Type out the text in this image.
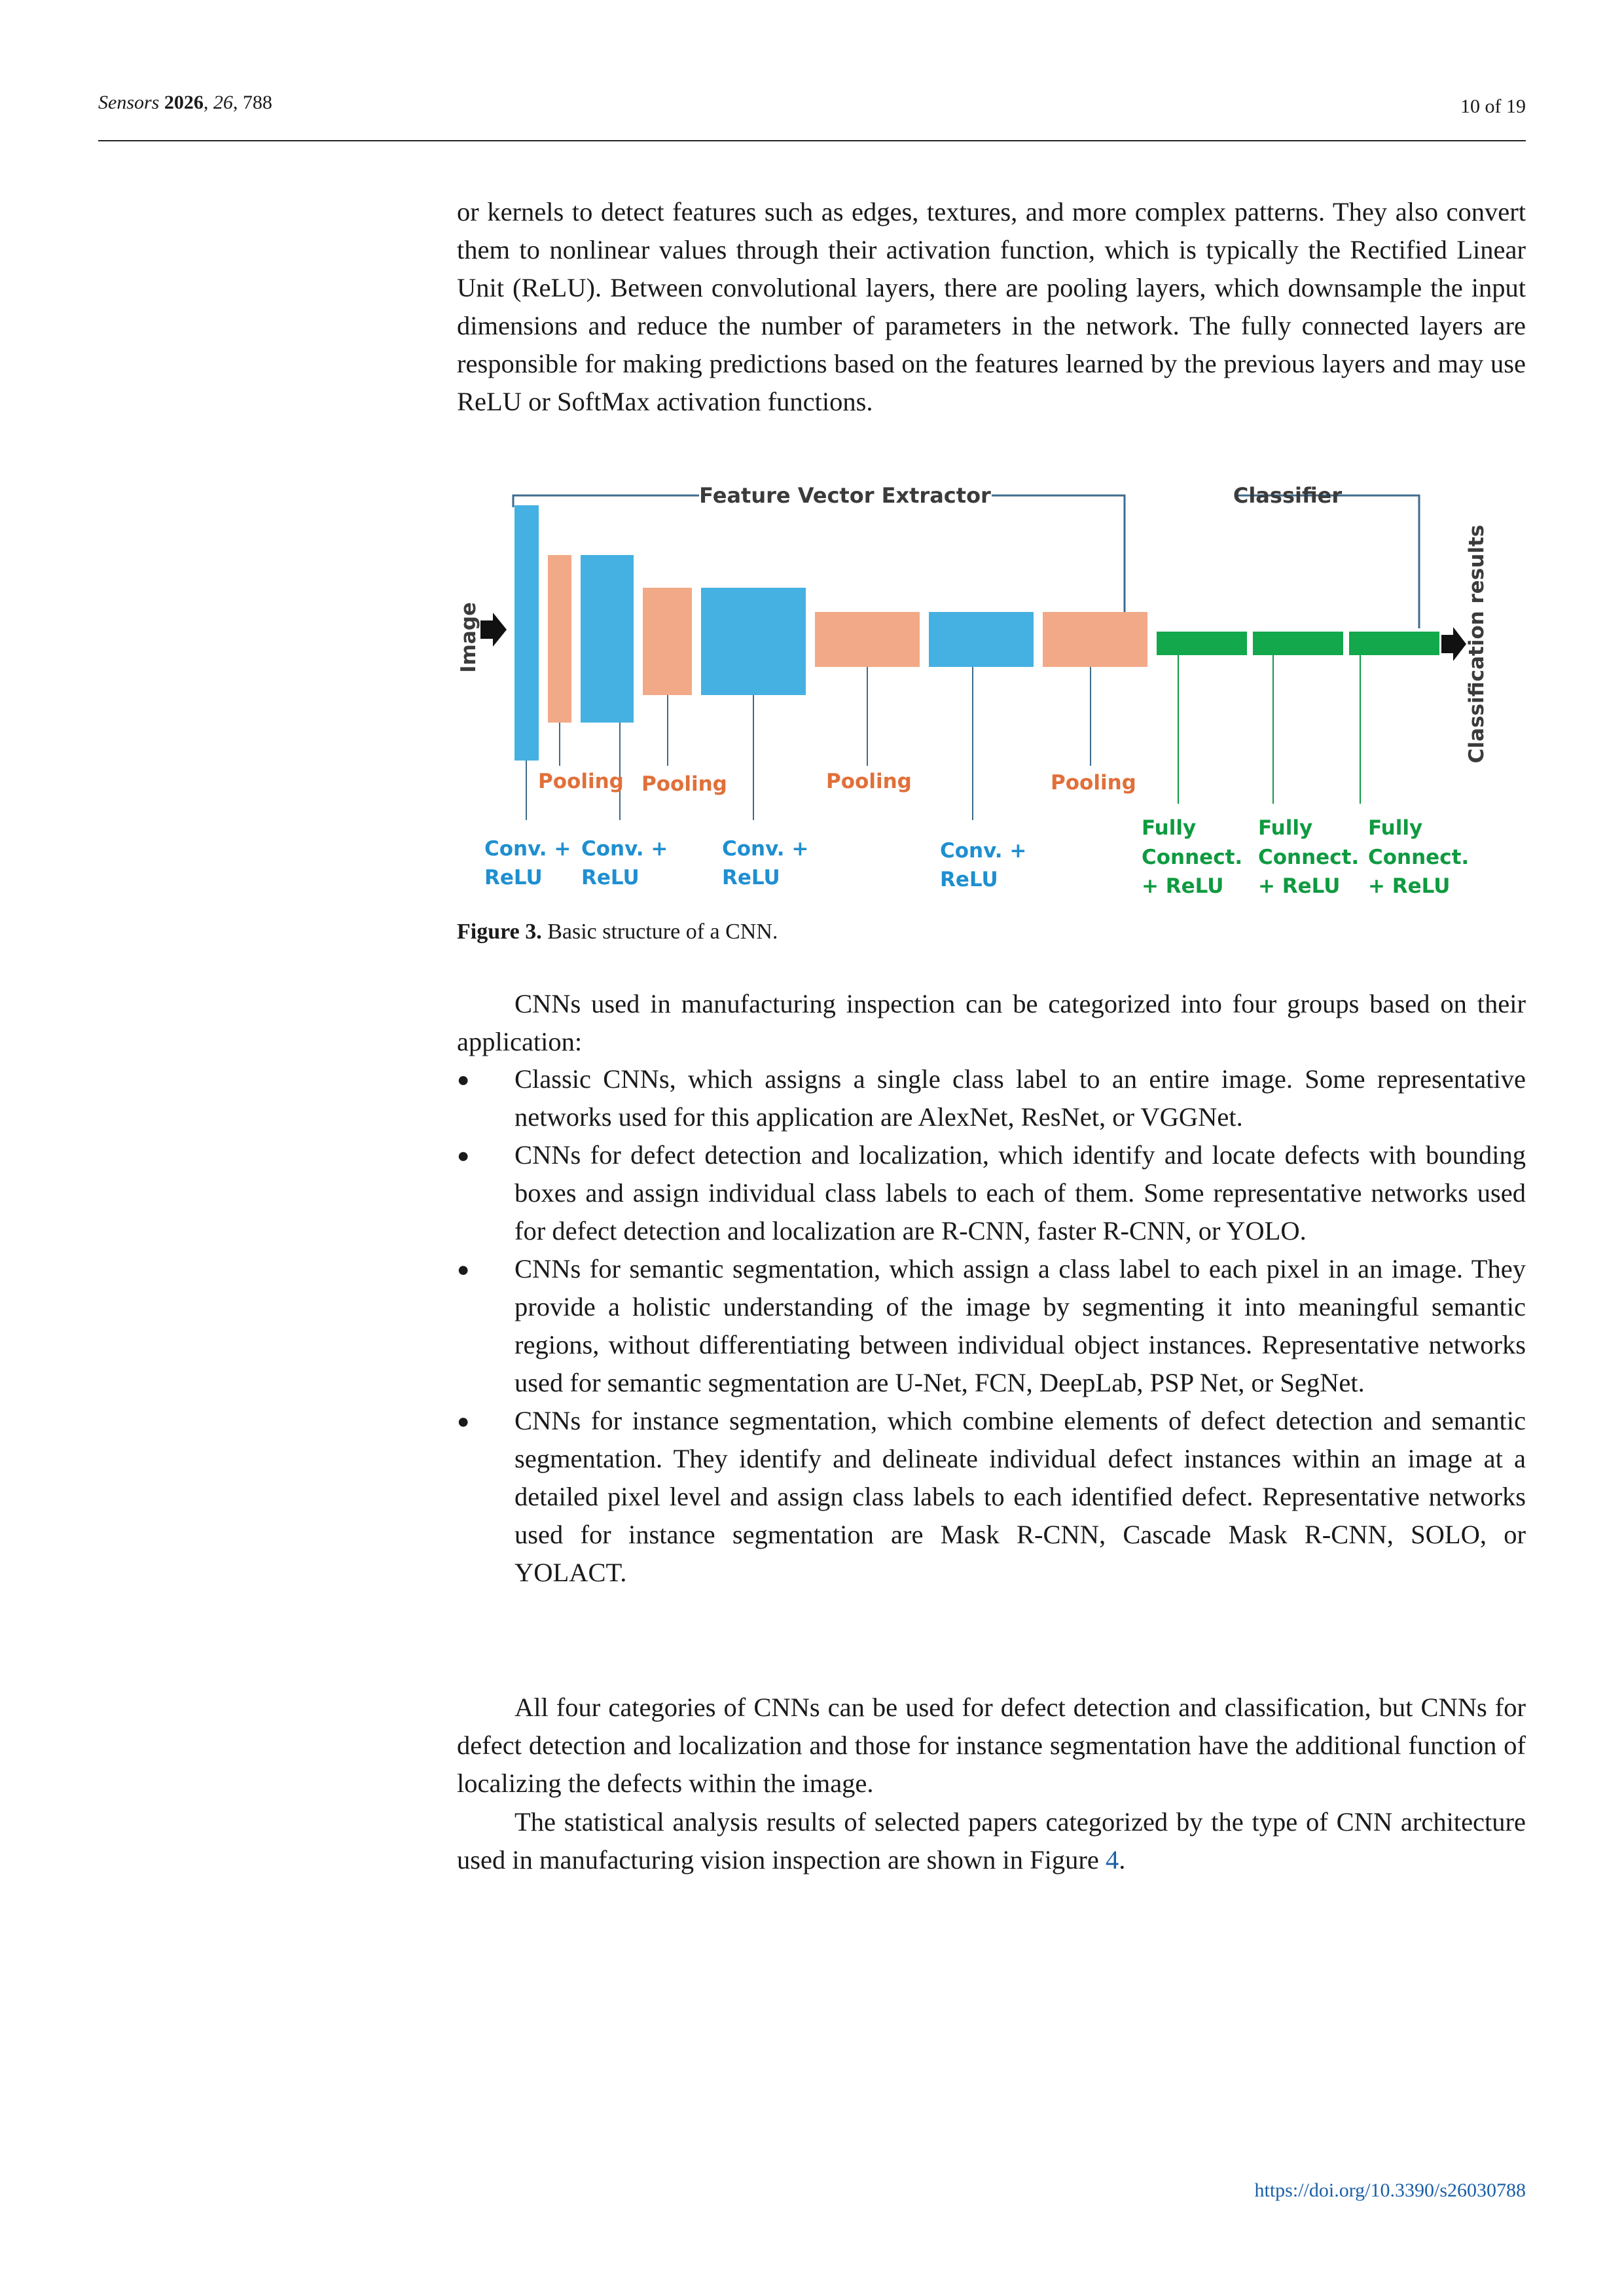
Sensors 2026, 26, 788	10 of 19
or kernels to detect features such as edges, textures, and more complex patterns. They also convert them to nonlinear values through their activation function, which is typically the Rectified Linear Unit (ReLU). Between convolutional layers, there are pooling layers, which downsample the input dimensions and reduce the number of parameters in the network. The fully connected layers are responsible for making predictions based on the features learned by the previous layers and may use ReLU or SoftMax activation functions.
Feature Vector Extractor	Classifier
Image	Classification results
Pooling Pooling	Pooling	Pooling
Conv. +
ReLU
Conv. +
ReLU
Conv. +
ReLU
Conv. +
ReLU
Fully
Connect.
+ ReLU
Fully
Connect.
+ ReLU
Fully
Connect.
+ ReLU
Figure 3. Basic structure of a CNN.
CNNs used in manufacturing inspection can be categorized into four groups based on their application:
● Classic CNNs, which assigns a single class label to an entire image. Some representative networks used for this application are AlexNet, ResNet, or VGGNet.
● CNNs for defect detection and localization, which identify and locate defects with bounding boxes and assign individual class labels to each of them. Some representative networks used for defect detection and localization are R-CNN, faster R-CNN, or YOLO.
● CNNs for semantic segmentation, which assign a class label to each pixel in an image. They provide a holistic understanding of the image by segmenting it into meaningful semantic regions, without differentiating between individual object instances. Representative networks used for semantic segmentation are U-Net, FCN, DeepLab, PSP Net, or SegNet.
● CNNs for instance segmentation, which combine elements of defect detection and semantic segmentation. They identify and delineate individual defect instances within an image at a detailed pixel level and assign class labels to each identified defect. Representative networks used for instance segmentation are Mask R-CNN, Cascade Mask R-CNN, SOLO, or YOLACT.
All four categories of CNNs can be used for defect detection and classification, but CNNs for defect detection and localization and those for instance segmentation have the additional function of localizing the defects within the image.
The statistical analysis results of selected papers categorized by the type of CNN architecture used in manufacturing vision inspection are shown in Figure 4.
https://doi.org/10.3390/s26030788
